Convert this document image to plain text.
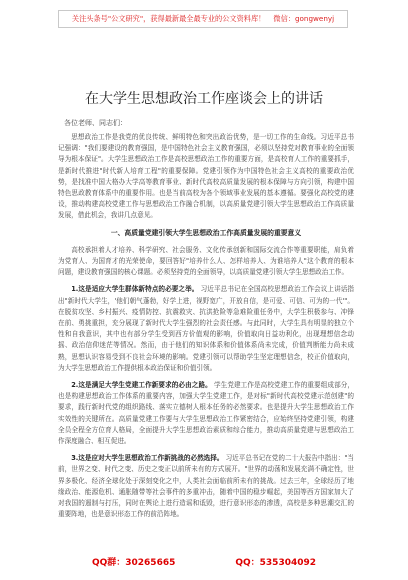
关注头条号"公文研究"，获得最新最全最专业的公文资料库！ 微信：gongwenyj
在大学生思想政治工作座谈会上的讲话
各位老师、同志们：

思想政治工作是我党的优良传统、鲜明特色和突出政治优势，是一切工作的生命线。习近平总书记强调："我们要建设的教育强国，是中国特色社会主义教育强国，必须以坚持党对教育事业的全面领导为根本保证"。大学生思想政治工作是高校思想政治工作的重要方面，是高校育人工作的重要抓手，是新时代推进"时代新人培育工程"的重要保障。党建引领作为中国特色社会主义高校的重要政治优势，是找准中国大格办大学高等教育事业、新时代高校高质量发展的根本保障与方向引领，构建中国特色思政教育体系中的重要作用。也是当前高校为各个领域事业发展的基本遵循。要强化高校党的建设，推动构建高校党建工作与思想政治工作融合机制，以高质量党建引领大学生思想政治工作高质量发展，借此机会，我讲几点意见。

一、高质量党建引领大学生思想政治工作高质量发展的重要意义

高校承担着人才培养、科学研究、社会服务、文化传承创新和国际交流合作等重要职能，肩负着为党育人、为国育才的光荣使命，要回答好"培养什么人、怎样培养人、为谁培养人"这个教育的根本问题，建设教育强国的核心课题。必须坚持党的全面领导，以高质量党建引领大学生思想政治工作。

1.这是适应大学生群体新特点的必要之举。 习近平总书记在全国高校思想政治工作会议上讲话指出"新时代大学生，'他们朝气蓬勃，好学上进，视野宽广，开放自信，是可爱、可信、可为的一代'"。在脱贫攻坚、乡村振兴、疫情防控、抗震救灾、抗洪抢险等急难险重任务中，大学生积极参与、冲锋在前、勇挑重担，充分展现了新时代大学生强烈的社会责任感。与此同时，大学生具有明显的独立个性和自我意识，其中也有部分学生受到西方价值观的影响，价值取向日益功利化，出现理想信念动摇、政治信仰迷茫等情况。然而，由于他们的知识体系和价值体系尚未完成，价值判断能力尚未成熟，思想认识容易受到不良社会环境的影响。党建引领可以帮助学生坚定理想信念，校正价值取向，为大学生思想政治工作提供根本政治保证和价值引领。

2.这是满足大学生党建工作新要求的必由之路。 学生党建工作是高校党建工作的重要组成部分，也是构建思想政治工作体系的重要内容，加强大学生党建工作，是对标"新时代高校党建示范创建"的要求，践行新时代党的组织路线、落实立德树人根本任务的必然要求。也是提升大学生思想政治工作实效性的关键所在。高质量党建工作要与大学生思想政治工作紧密结合，应始终坚持党建引领，构建全员全程全方位育人格局，全面提升大学生思想政治素质和综合能力，推动高质量党建与思想政治工作深度融合、相互促进。

3.这是应对大学生思想政治工作新挑战的必然选择。 习近平总书记在党的二十大报告中指出："当前，世界之变、时代之变、历史之变正以前所未有的方式展开。"世界的动荡和发展充满不确定性，世界多极化、经济全球化处于深刻变化之中，人类社会面临前所未有的挑战。过去三年，全球经历了地缘政治、能源危机、通胀随带等社会事件的多重冲击，随着中国的稳步崛起，美国等西方国家加大了对我国的遏制与打压，同时在舆论上进行造谣和诋毁，进行意识形态的渗透，高校是多种思潮交汇的重要阵地，也是意识形态工作的前沿阵地。

QQ群：30265665	QQ：535304092
